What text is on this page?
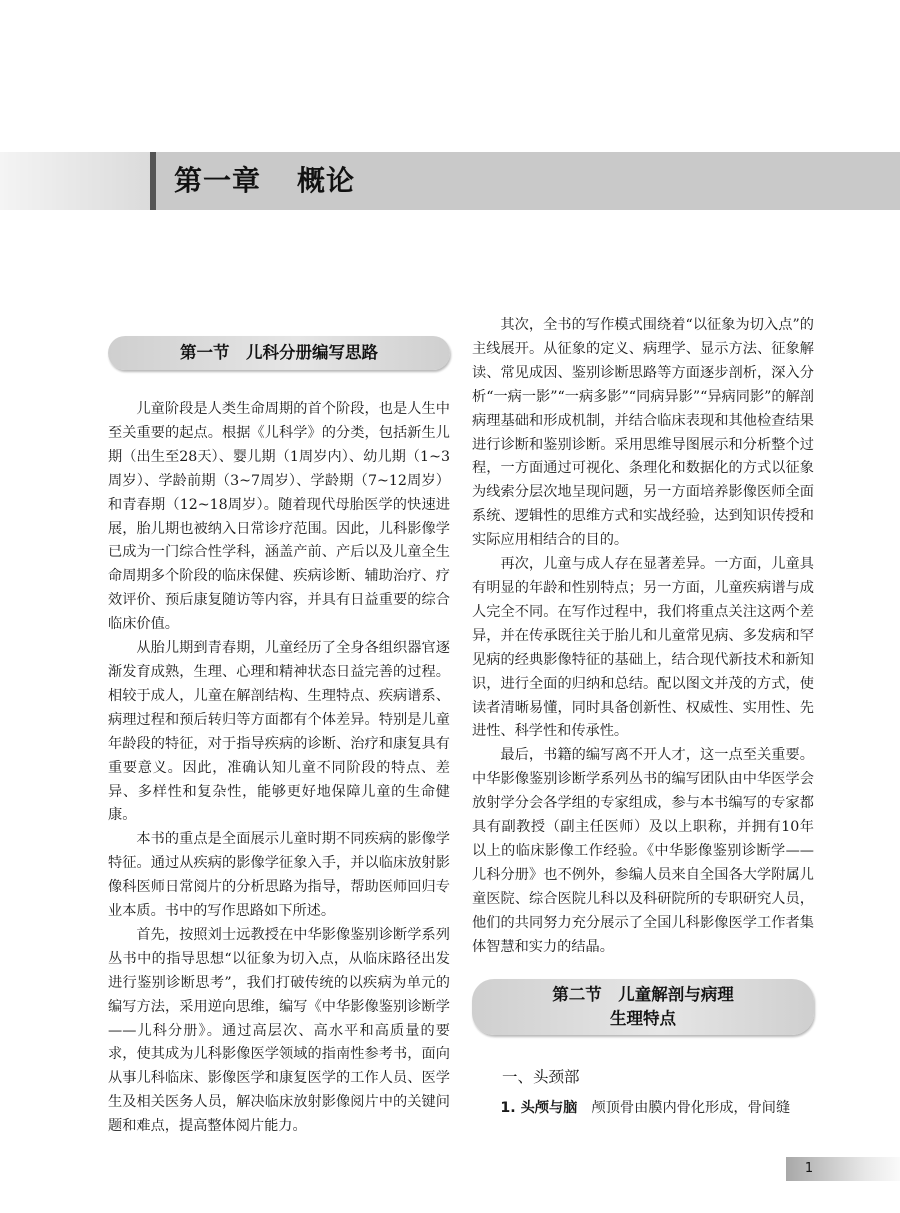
第一章 概论
第一节　儿科分册编写思路

儿童阶段是人类生命周期的首个阶段，也是人生中至关重要的起点。根据《儿科学》的分类，包括新生儿期（出生至28天）、婴儿期（1周岁内）、幼儿期（1~3周岁）、学龄前期（3~7周岁）、学龄期（7~12周岁）和青春期（12~18周岁）。随着现代母胎医学的快速进展，胎儿期也被纳入日常诊疗范围。因此，儿科影像学已成为一门综合性学科，涵盖产前、产后以及儿童全生命周期多个阶段的临床保健、疾病诊断、辅助治疗、疗效评价、预后康复随访等内容，并具有日益重要的综合临床价值。

从胎儿期到青春期，儿童经历了全身各组织器官逐渐发育成熟，生理、心理和精神状态日益完善的过程。相较于成人，儿童在解剖结构、生理特点、疾病谱系、病理过程和预后转归等方面都有个体差异。特别是儿童年龄段的特征，对于指导疾病的诊断、治疗和康复具有重要意义。因此，准确认知儿童不同阶段的特点、差异、多样性和复杂性，能够更好地保障儿童的生命健康。

本书的重点是全面展示儿童时期不同疾病的影像学特征。通过从疾病的影像学征象入手，并以临床放射影像科医师日常阅片的分析思路为指导，帮助医师回归专业本质。书中的写作思路如下所述。

首先，按照刘士远教授在中华影像鉴别诊断学系列丛书中的指导思想“以征象为切入点，从临床路径出发进行鉴别诊断思考”，我们打破传统的以疾病为单元的编写方法，采用逆向思维，编写《中华影像鉴别诊断学——儿科分册》。通过高层次、高水平和高质量的要求，使其成为儿科影像医学领域的指南性参考书，面向从事儿科临床、影像医学和康复医学的工作人员、医学生及相关医务人员，解决临床放射影像阅片中的关键问题和难点，提高整体阅片能力。

其次，全书的写作模式围绕着“以征象为切入点”的主线展开。从征象的定义、病理学、显示方法、征象解读、常见成因、鉴别诊断思路等方面逐步剖析，深入分析“一病一影”“一病多影”“同病异影”“异病同影”的解剖病理基础和形成机制，并结合临床表现和其他检查结果进行诊断和鉴别诊断。采用思维导图展示和分析整个过程，一方面通过可视化、条理化和数据化的方式以征象为线索分层次地呈现问题，另一方面培养影像医师全面系统、逻辑性的思维方式和实战经验，达到知识传授和实际应用相结合的目的。

再次，儿童与成人存在显著差异。一方面，儿童具有明显的年龄和性别特点；另一方面，儿童疾病谱与成人完全不同。在写作过程中，我们将重点关注这两个差异，并在传承既往关于胎儿和儿童常见病、多发病和罕见病的经典影像特征的基础上，结合现代新技术和新知识，进行全面的归纳和总结。配以图文并茂的方式，使读者清晰易懂，同时具备创新性、权威性、实用性、先进性、科学性和传承性。

最后，书籍的编写离不开人才，这一点至关重要。中华影像鉴别诊断学系列丛书的编写团队由中华医学会放射学分会各学组的专家组成，参与本书编写的专家都具有副教授（副主任医师）及以上职称，并拥有10年以上的临床影像工作经验。《中华影像鉴别诊断学——儿科分册》也不例外，参编人员来自全国各大学附属儿童医院、综合医院儿科以及科研院所的专职研究人员，他们的共同努力充分展示了全国儿科影像医学工作者集体智慧和实力的结晶。

第二节　儿童解剖与病理
生理特点
一、头颈部

1. 头颅与脑　 颅顶骨由膜内骨化形成，骨间缝

1
